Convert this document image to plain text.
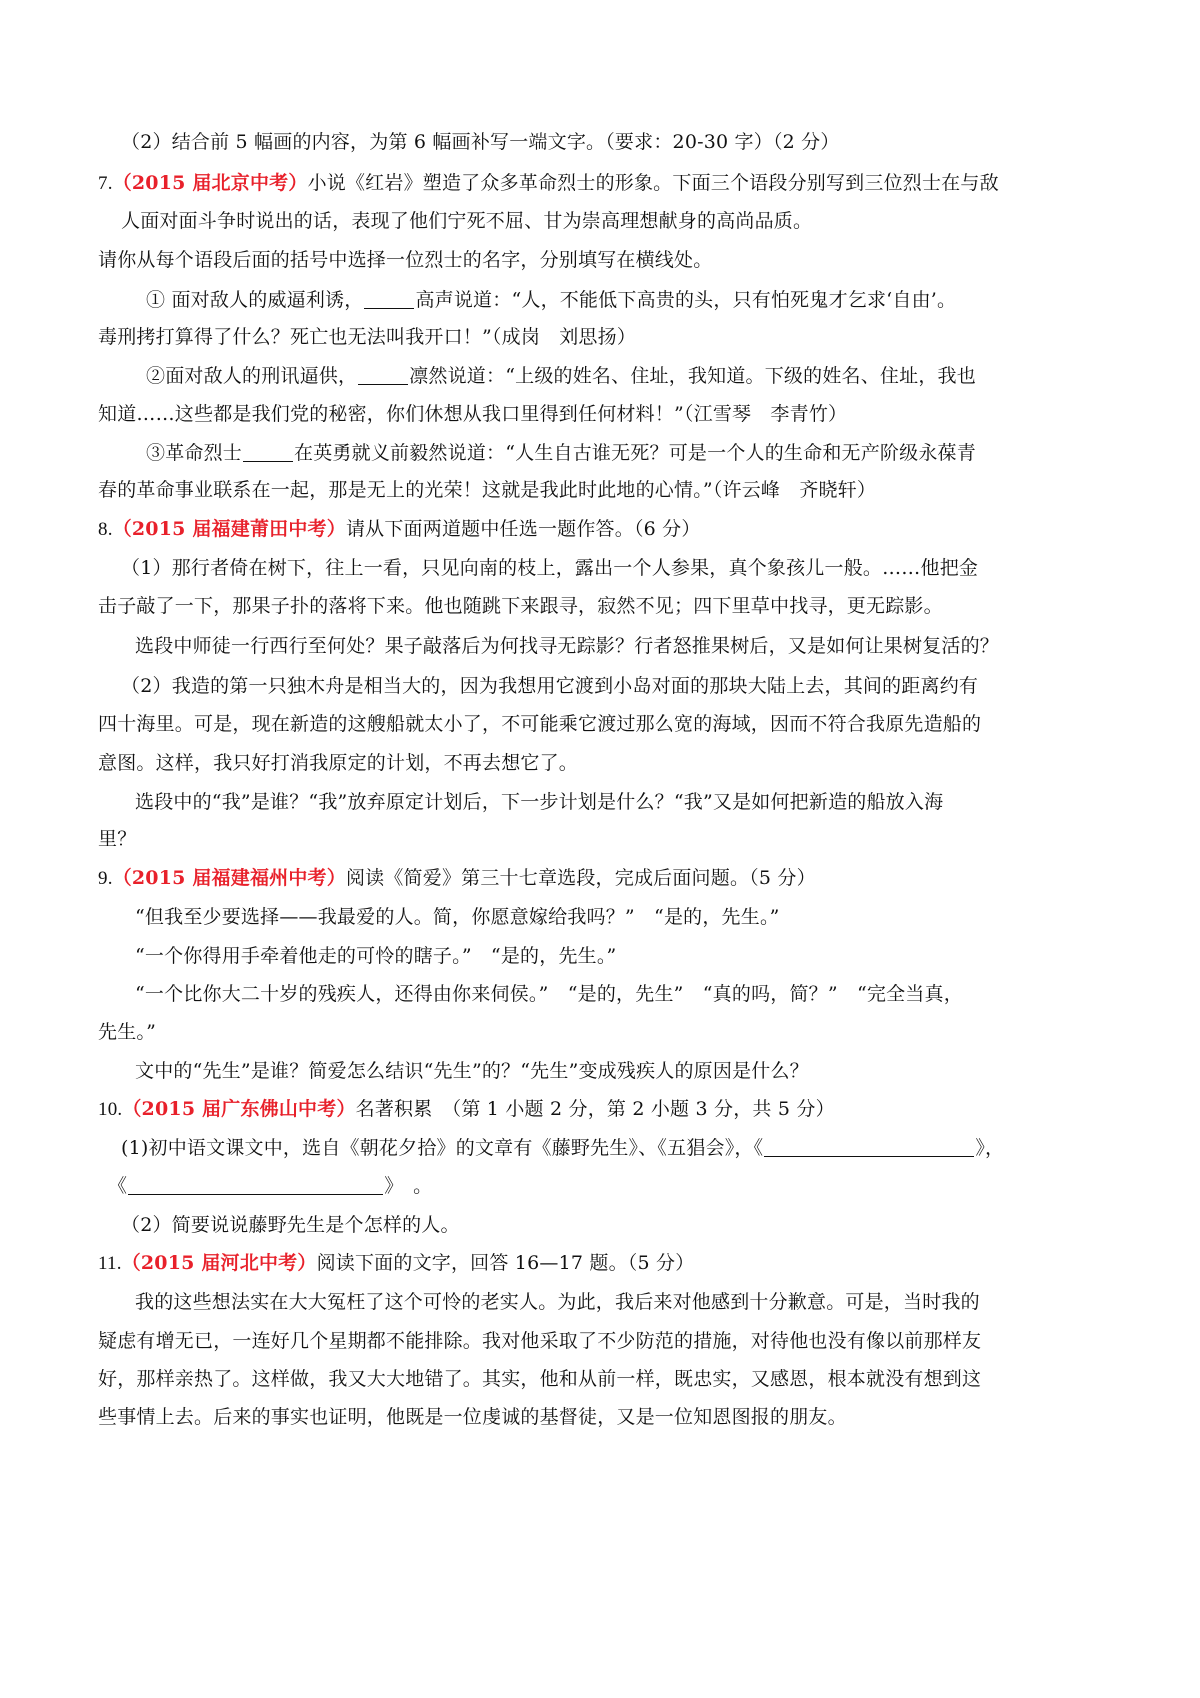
（2）结合前 5 幅画的内容，为第 6 幅画补写一端文字。（要求：20-30 字）（2 分）
7.（2015 届北京中考）小说《红岩》塑造了众多革命烈士的形象。下面三个语段分别写到三位烈士在与敌
人面对面斗争时说出的话，表现了他们宁死不屈、甘为崇高理想献身的高尚品质。
请你从每个语段后面的括号中选择一位烈士的名字，分别填写在横线处。
① 面对敌人的威逼利诱，	高声说道：“人，不能低下高贵的头，只有怕死鬼才乞求‘自由’。
毒刑拷打算得了什么？死亡也无法叫我开口！”（成岗　刘思扬）
②面对敌人的刑讯逼供，	凛然说道：“上级的姓名、住址，我知道。下级的姓名、住址，我也
知道……这些都是我们党的秘密，你们休想从我口里得到任何材料！”（江雪琴　李青竹）
③革命烈士	在英勇就义前毅然说道：“人生自古谁无死？可是一个人的生命和无产阶级永葆青
春的革命事业联系在一起，那是无上的光荣！这就是我此时此地的心情。”（许云峰　齐晓轩）
8.（2015 届福建莆田中考）请从下面两道题中任选一题作答。（6 分）
（1）那行者倚在树下，往上一看，只见向南的枝上，露出一个人参果，真个象孩儿一般。……他把金
击子敲了一下，那果子扑的落将下来。他也随跳下来跟寻，寂然不见；四下里草中找寻，更无踪影。
选段中师徒一行西行至何处？果子敲落后为何找寻无踪影？行者怒推果树后，又是如何让果树复活的？
（2）我造的第一只独木舟是相当大的，因为我想用它渡到小岛对面的那块大陆上去，其间的距离约有
四十海里。可是，现在新造的这艘船就太小了，不可能乘它渡过那么宽的海域，因而不符合我原先造船的
意图。这样，我只好打消我原定的计划，不再去想它了。
选段中的“我”是谁？“我”放弃原定计划后，下一步计划是什么？“我”又是如何把新造的船放入海
里？
9.（2015 届福建福州中考）阅读《简爱》第三十七章选段，完成后面问题。（5 分）
“但我至少要选择——我最爱的人。简，你愿意嫁给我吗？”　“是的，先生。”
“一个你得用手牵着他走的可怜的瞎子。”　“是的，先生。”
“一个比你大二十岁的残疾人，还得由你来伺侯。”　“是的，先生”　“真的吗，简？”　“完全当真，
先生。”
文中的“先生”是谁？简爱怎么结识“先生”的？“先生”变成残疾人的原因是什么？
10.（2015 届广东佛山中考）名著积累　（第 1 小题 2 分，第 2 小题 3 分，共 5 分）
(1)初中语文课文中，选自《朝花夕拾》的文章有《藤野先生》、《五猖会》，《	》，
《	》　。
（2）简要说说藤野先生是个怎样的人。
11.（2015 届河北中考）阅读下面的文字，回答 16—17 题。（5 分）
我的这些想法实在大大冤枉了这个可怜的老实人。为此，我后来对他感到十分歉意。可是，当时我的
疑虑有增无已，一连好几个星期都不能排除。我对他采取了不少防范的措施，对待他也没有像以前那样友
好，那样亲热了。这样做，我又大大地错了。其实，他和从前一样，既忠实，又感恩，根本就没有想到这
些事情上去。后来的事实也证明，他既是一位虔诚的基督徒，又是一位知恩图报的朋友。
